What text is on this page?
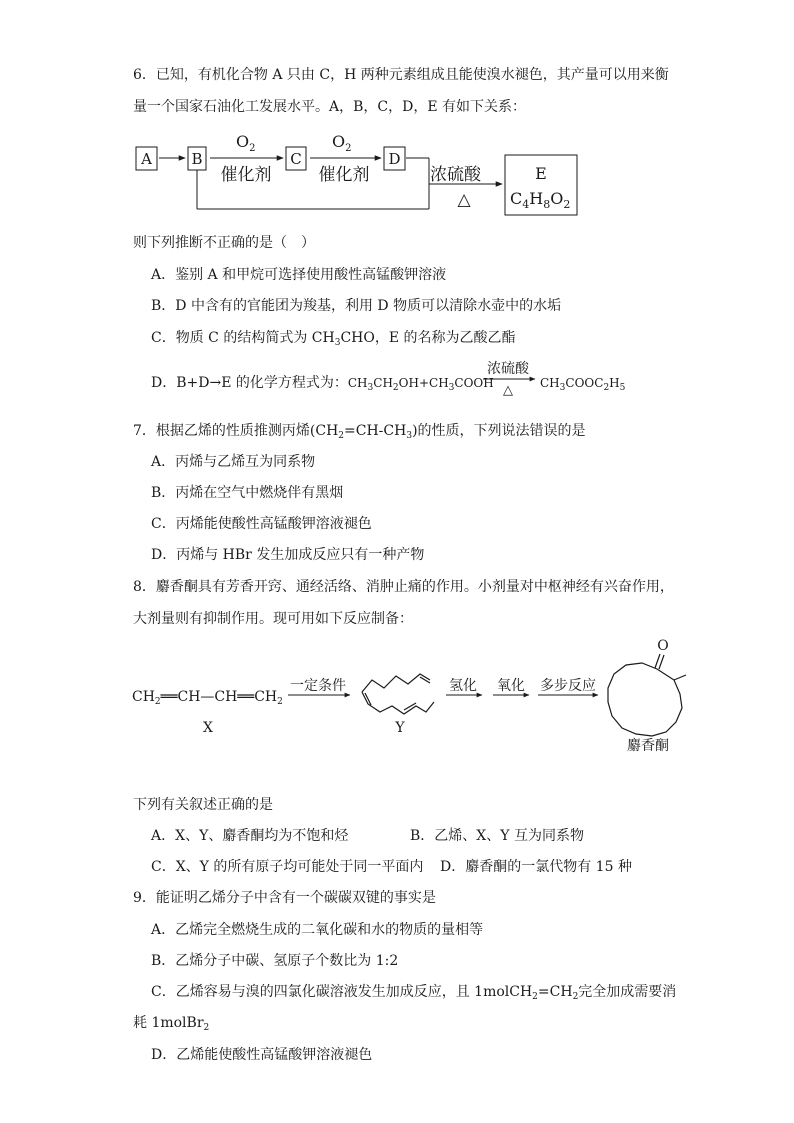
6．已知，有机化合物 A 只由 C，H 两种元素组成且能使溴水褪色，其产量可以用来衡
量一个国家石油化工发展水平。A，B，C，D，E 有如下关系：
A	B
$O_2$
催化剂
C
$O_2$
催化剂
D
浓硫酸
△
E
$C_4H_8O_2$
则下列推断不正确的是（　）
A．鉴别 A 和甲烷可选择使用酸性高锰酸钾溶液
B．D 中含有的官能团为羧基，利用 D 物质可以清除水壶中的水垢
C．物质 C 的结构简式为 $CH_3CHO$，E 的名称为乙酸乙酯
D．B+D→E 的化学方程式为：$CH_3CH_2OH+CH_3COOH$
浓硫酸
△ $CH_3COOC_2H_5$
7．根据乙烯的性质推测丙烯$(CH_2=CH-CH_3)$的性质，下列说法错误的是
A．丙烯与乙烯互为同系物
B．丙烯在空气中燃烧伴有黑烟
C．丙烯能使酸性高锰酸钾溶液褪色
D．丙烯与 HBr 发生加成反应只有一种产物
8．麝香酮具有芳香开窍、通经活络、消肿止痛的作用。小剂量对中枢神经有兴奋作用，
大剂量则有抑制作用。现可用如下反应制备：
$CH_2══CH—CH══CH_2$
X
一定条件
Y
氢化 氧化 多步反应
O
麝香酮
下列有关叙述正确的是
A．X、Y、麝香酮均为不饱和烃	B．乙烯、X、Y 互为同系物
C．X、Y 的所有原子均可能处于同一平面内 D．麝香酮的一氯代物有 15 种
9．能证明乙烯分子中含有一个碳碳双键的事实是
A．乙烯完全燃烧生成的二氧化碳和水的物质的量相等
B．乙烯分子中碳、氢原子个数比为 1:2
C．乙烯容易与溴的四氯化碳溶液发生加成反应，且 $1molCH_2=CH_2$完全加成需要消
耗 1molBr$_2$
D．乙烯能使酸性高锰酸钾溶液褪色
